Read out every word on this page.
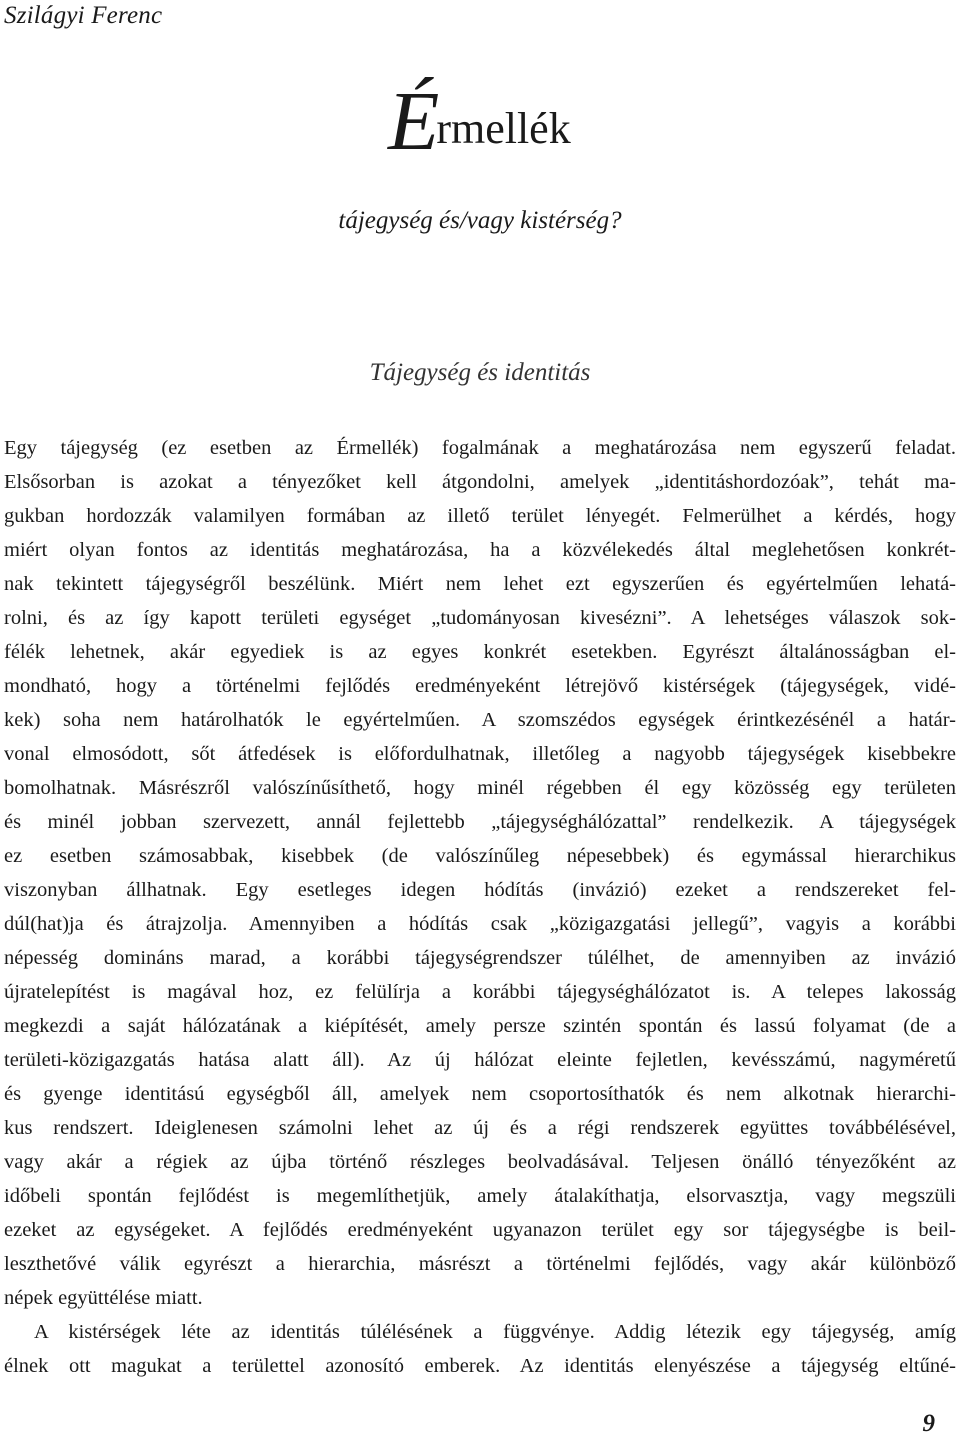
Szilágyi Ferenc
Érmellék
tájegység és/vagy kistérség?
Tájegység és identitás
Egy tájegység (ez esetben az Érmellék) fogalmának a meghatározása nem egyszerű feladat.
Elsősorban is azokat a tényezőket kell átgondolni, amelyek „identitáshordozóak”, tehát ma-
gukban hordozzák valamilyen formában az illető terület lényegét. Felmerülhet a kérdés, hogy
miért olyan fontos az identitás meghatározása, ha a közvélekedés által meglehetősen konkrét-
nak tekintett tájegységről beszélünk. Miért nem lehet ezt egyszerűen és egyértelműen lehatá-
rolni, és az így kapott területi egységet „tudományosan kivesézni”. A lehetséges válaszok sok-
félék lehetnek, akár egyediek is az egyes konkrét esetekben. Egyrészt általánosságban el-
mondható, hogy a történelmi fejlődés eredményeként létrejövő kistérségek (tájegységek, vidé-
kek) soha nem határolhatók le egyértelműen. A szomszédos egységek érintkezésénél a határ-
vonal elmosódott, sőt átfedések is előfordulhatnak, illetőleg a nagyobb tájegységek kisebbekre
bomolhatnak. Másrészről valószínűsíthető, hogy minél régebben él egy közösség egy területen
és minél jobban szervezett, annál fejlettebb „tájegységhálózattal” rendelkezik. A tájegységek
ez esetben számosabbak, kisebbek (de valószínűleg népesebbek) és egymással hierarchikus
viszonyban állhatnak. Egy esetleges idegen hódítás (invázió) ezeket a rendszereket fel-
dúl(hat)ja és átrajzolja. Amennyiben a hódítás csak „közigazgatási jellegű”, vagyis a korábbi
népesség domináns marad, a korábbi tájegységrendszer túlélhet, de amennyiben az invázió
újratelepítést is magával hoz, ez felülírja a korábbi tájegységhálózatot is. A telepes lakosság
megkezdi a saját hálózatának a kiépítését, amely persze szintén spontán és lassú folyamat (de a
területi-közigazgatás hatása alatt áll). Az új hálózat eleinte fejletlen, kevésszámú, nagyméretű
és gyenge identitású egységből áll, amelyek nem csoportosíthatók és nem alkotnak hierarchi-
kus rendszert. Ideiglenesen számolni lehet az új és a régi rendszerek együttes továbbélésével,
vagy akár a régiek az újba történő részleges beolvadásával. Teljesen önálló tényezőként az
időbeli spontán fejlődést is megemlíthetjük, amely átalakíthatja, elsorvasztja, vagy megszüli
ezeket az egységeket. A fejlődés eredményeként ugyanazon terület egy sor tájegységbe is beil-
leszthetővé válik egyrészt a hierarchia, másrészt a történelmi fejlődés, vagy akár különböző
népek együttélése miatt.
A kistérségek léte az identitás túlélésének a függvénye. Addig létezik egy tájegység, amíg
élnek ott magukat a területtel azonosító emberek. Az identitás elenyészése a tájegység eltűné-
9
